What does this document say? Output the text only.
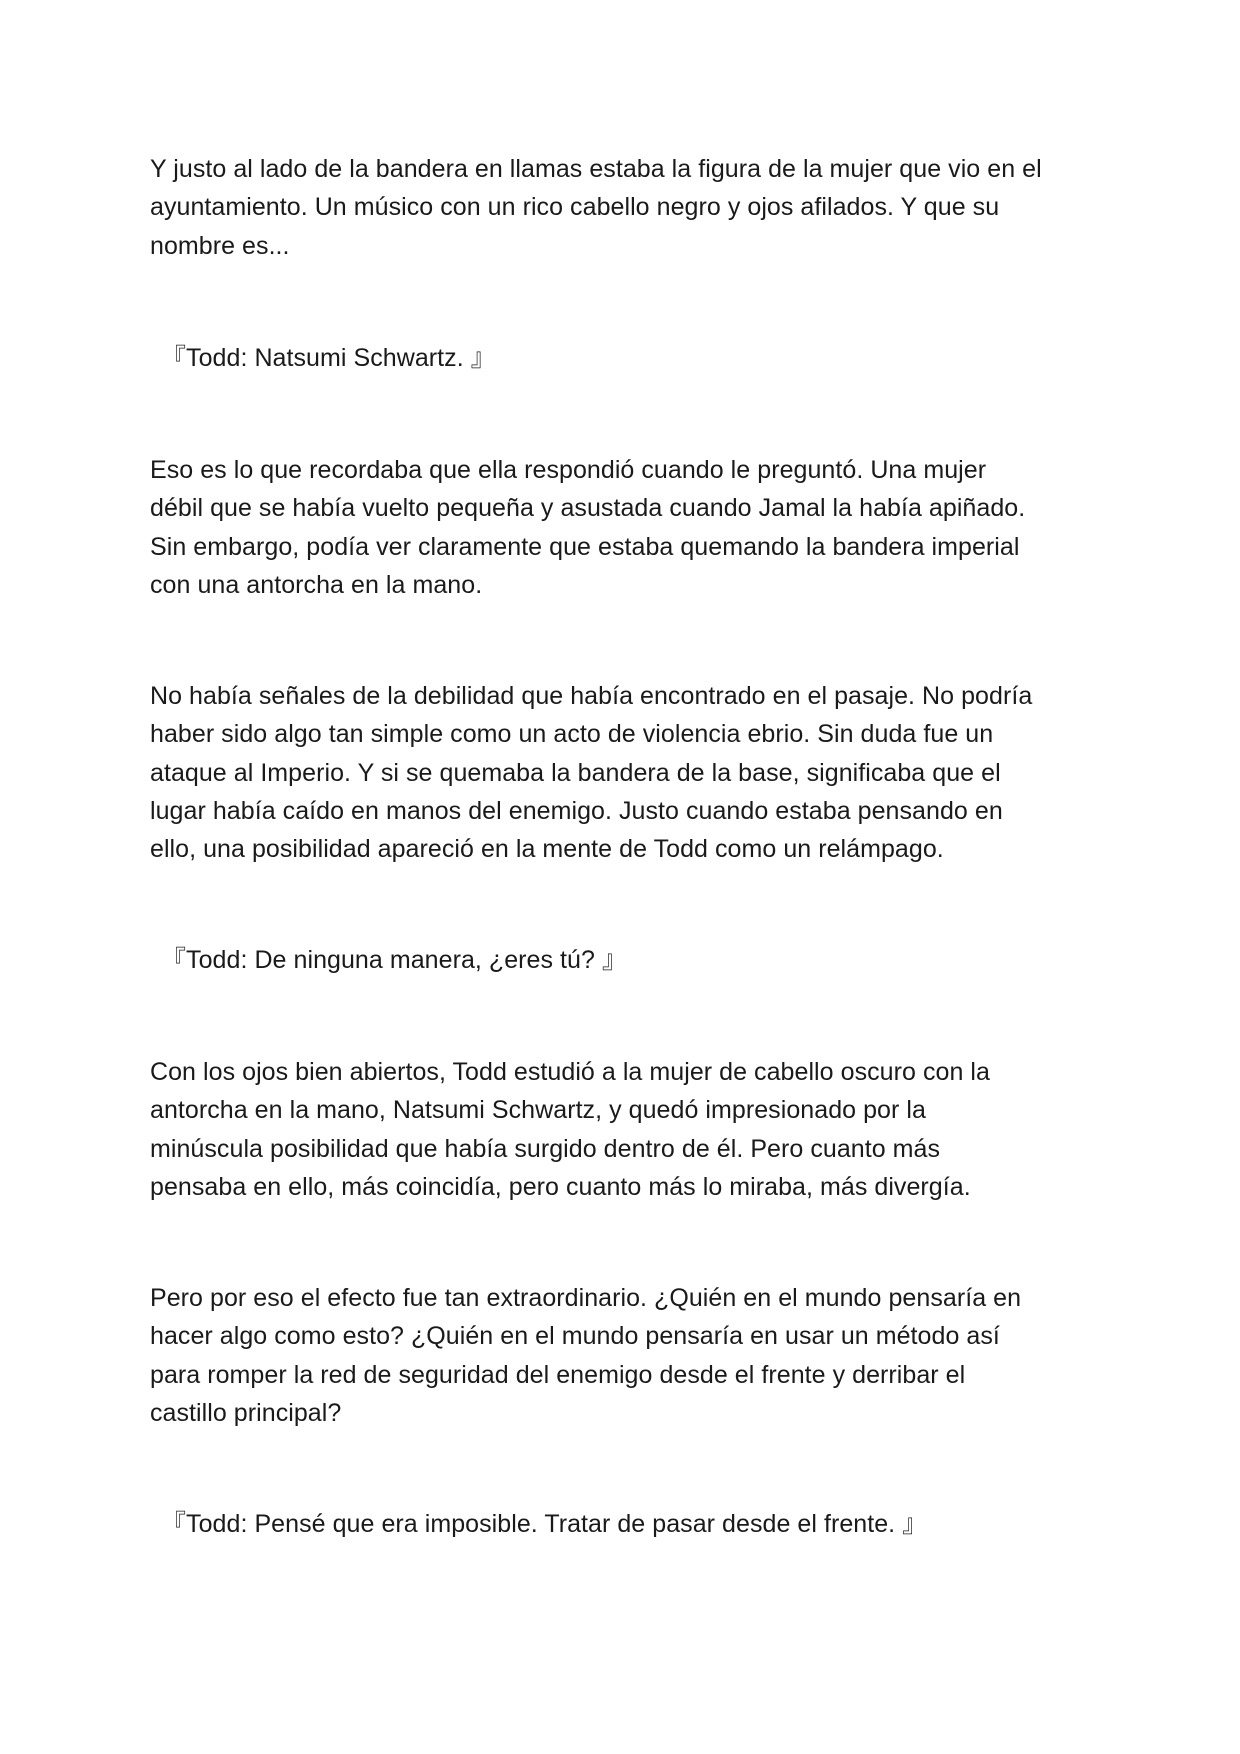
Y justo al lado de la bandera en llamas estaba la figura de la mujer que vio en el
ayuntamiento. Un músico con un rico cabello negro y ojos afilados. Y que su
nombre es...

『Todd: Natsumi Schwartz. 』

Eso es lo que recordaba que ella respondió cuando le preguntó. Una mujer
débil que se había vuelto pequeña y asustada cuando Jamal la había apiñado.
Sin embargo, podía ver claramente que estaba quemando la bandera imperial
con una antorcha en la mano.

No había señales de la debilidad que había encontrado en el pasaje. No podría
haber sido algo tan simple como un acto de violencia ebrio. Sin duda fue un
ataque al Imperio. Y si se quemaba la bandera de la base, significaba que el
lugar había caído en manos del enemigo. Justo cuando estaba pensando en
ello, una posibilidad apareció en la mente de Todd como un relámpago.

『Todd: De ninguna manera, ¿eres tú? 』

Con los ojos bien abiertos, Todd estudió a la mujer de cabello oscuro con la
antorcha en la mano, Natsumi Schwartz, y quedó impresionado por la
minúscula posibilidad que había surgido dentro de él. Pero cuanto más
pensaba en ello, más coincidía, pero cuanto más lo miraba, más divergía.

Pero por eso el efecto fue tan extraordinario. ¿Quién en el mundo pensaría en
hacer algo como esto? ¿Quién en el mundo pensaría en usar un método así
para romper la red de seguridad del enemigo desde el frente y derribar el
castillo principal?

『Todd: Pensé que era imposible. Tratar de pasar desde el frente. 』
